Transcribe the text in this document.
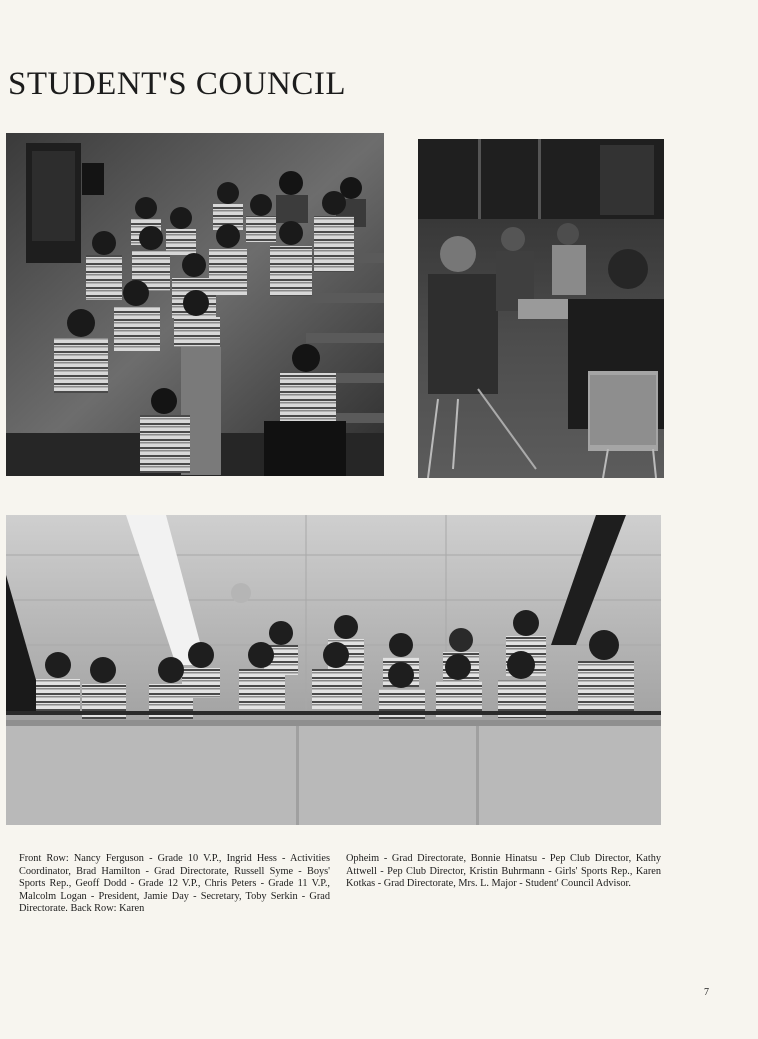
STUDENT'S COUNCIL

Front Row: Nancy Ferguson - Grade 10 V.P., Ingrid Hess - Activities Coordinator, Brad Hamilton - Grad Directorate, Russell Syme - Boys' Sports Rep., Geoff Dodd - Grade 12 V.P., Chris Peters - Grade 11 V.P., Malcolm Logan - President, Jamie Day - Secretary, Toby Serkin - Grad Directorate. Back Row: Karen

Opheim - Grad Directorate, Bonnie Hinatsu - Pep Club Director, Kathy Attwell - Pep Club Director, Kristin Buhrmann - Girls' Sports Rep., Karen Kotkas - Grad Directorate, Mrs. L. Major - Student' Council Advisor.

7
